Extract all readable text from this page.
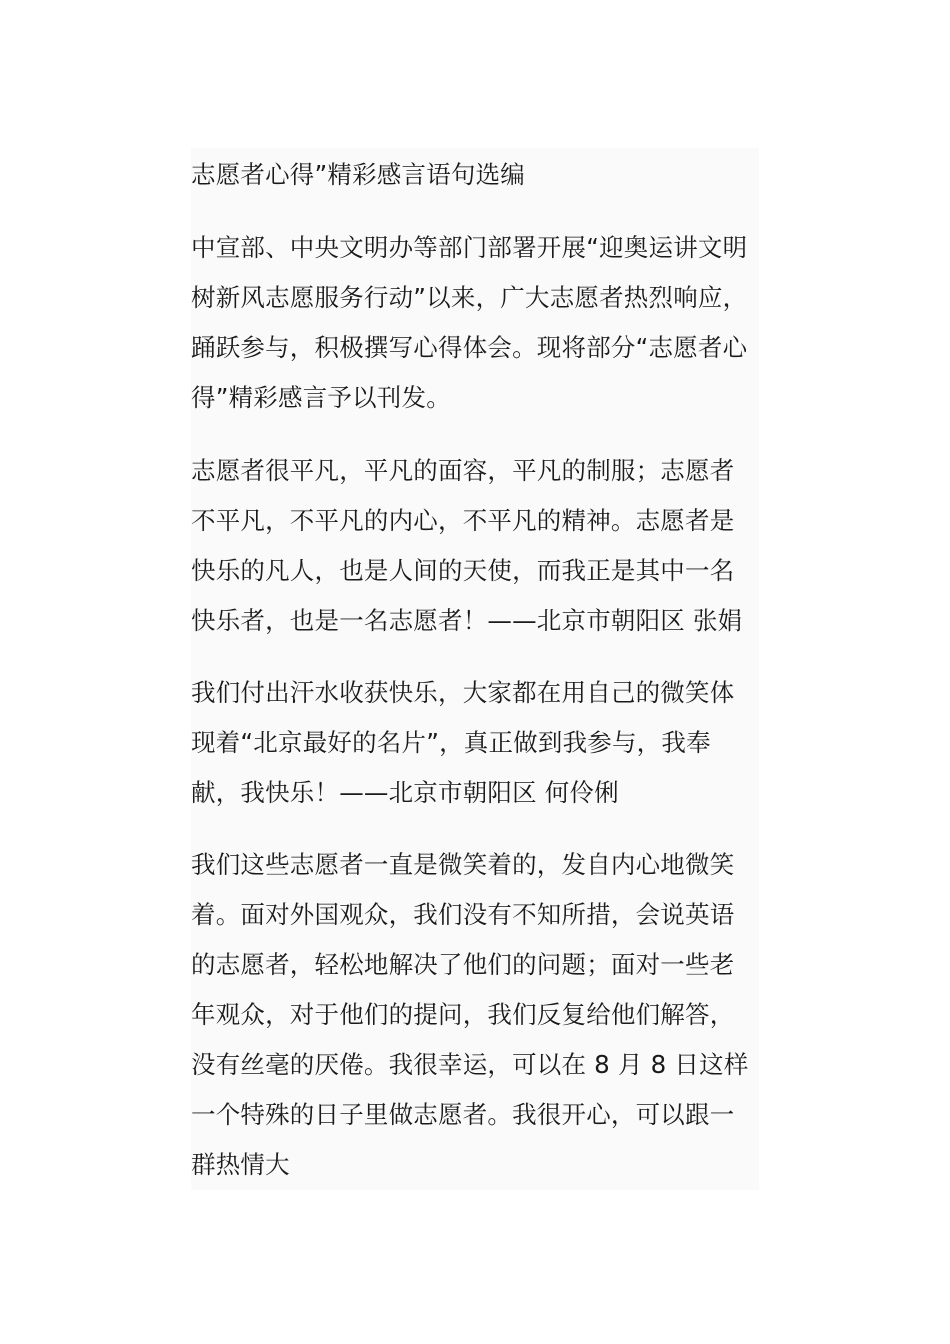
志愿者心得”精彩感言语句选编

中宣部、中央文明办等部门部署开展“迎奥运讲文明树新风志愿服务行动”以来，广大志愿者热烈响应，踊跃参与，积极撰写心得体会。现将部分“志愿者心得”精彩感言予以刊发。

志愿者很平凡，平凡的面容，平凡的制服；志愿者不平凡，不平凡的内心，不平凡的精神。志愿者是快乐的凡人，也是人间的天使，而我正是其中一名快乐者，也是一名志愿者！——北京市朝阳区 张娟

我们付出汗水收获快乐，大家都在用自己的微笑体现着“北京最好的名片”，真正做到我参与，我奉献，我快乐！——北京市朝阳区 何伶俐

我们这些志愿者一直是微笑着的，发自内心地微笑着。面对外国观众，我们没有不知所措，会说英语的志愿者，轻松地解决了他们的问题；面对一些老年观众，对于他们的提问，我们反复给他们解答，没有丝毫的厌倦。我很幸运，可以在 8 月 8 日这样一个特殊的日子里做志愿者。我很开心，可以跟一群热情大
